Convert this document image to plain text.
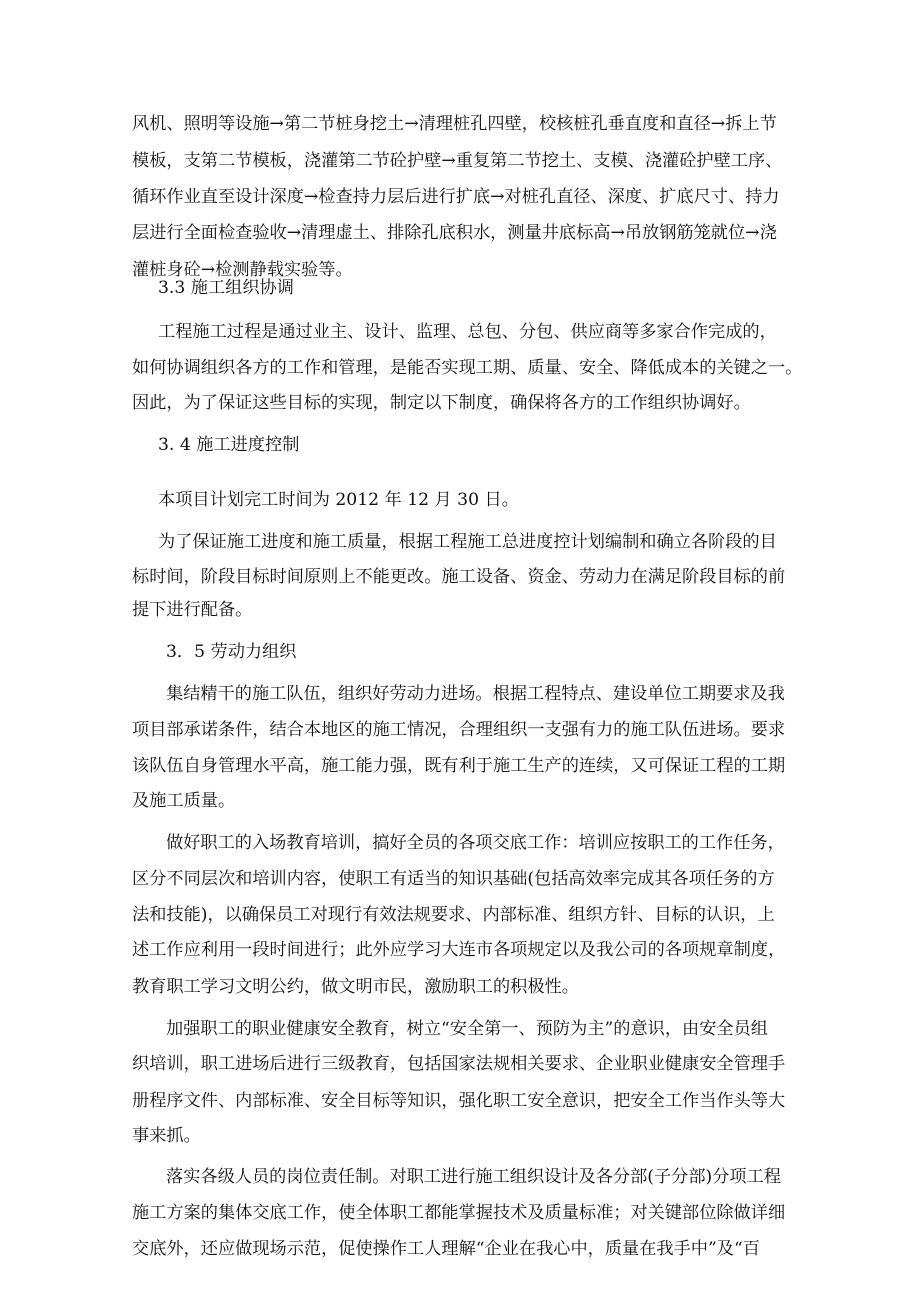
风机、照明等设施→第二节桩身挖土→清理桩孔四壁，校核桩孔垂直度和直径→拆上节
模板，支第二节模板，浇灌第二节砼护壁→重复第二节挖土、支模、浇灌砼护壁工序、
循环作业直至设计深度→检查持力层后进行扩底→对桩孔直径、深度、扩底尺寸、持力
层进行全面检查验收→清理虚土、排除孔底积水，测量井底标高→吊放钢筋笼就位→浇
灌桩身砼→检测静载实验等。
3.3 施工组织协调
工程施工过程是通过业主、设计、监理、总包、分包、供应商等多家合作完成的，
如何协调组织各方的工作和管理，是能否实现工期、质量、安全、降低成本的关键之一。
因此，为了保证这些目标的实现，制定以下制度，确保将各方的工作组织协调好。
3. 4 施工进度控制
本项目计划完工时间为 2012 年 12 月 30 日。
为了保证施工进度和施工质量，根据工程施工总进度控计划编制和确立各阶段的目
标时间，阶段目标时间原则上不能更改。施工设备、资金、劳动力在满足阶段目标的前
提下进行配备。
3．5 劳动力组织
集结精干的施工队伍，组织好劳动力进场。根据工程特点、建设单位工期要求及我
项目部承诺条件，结合本地区的施工情况，合理组织一支强有力的施工队伍进场。要求
该队伍自身管理水平高，施工能力强，既有利于施工生产的连续，又可保证工程的工期
及施工质量。
做好职工的入场教育培训，搞好全员的各项交底工作：培训应按职工的工作任务，
区分不同层次和培训内容，使职工有适当的知识基础(包括高效率完成其各项任务的方
法和技能)，以确保员工对现行有效法规要求、内部标准、组织方针、目标的认识，上
述工作应利用一段时间进行；此外应学习大连市各项规定以及我公司的各项规章制度，
教育职工学习文明公约，做文明市民，激励职工的积极性。
加强职工的职业健康安全教育，树立“安全第一、预防为主”的意识，由安全员组
织培训，职工进场后进行三级教育，包括国家法规相关要求、企业职业健康安全管理手
册程序文件、内部标准、安全目标等知识，强化职工安全意识，把安全工作当作头等大
事来抓。
落实各级人员的岗位责任制。对职工进行施工组织设计及各分部(子分部)分项工程
施工方案的集体交底工作，使全体职工都能掌握技术及质量标准；对关键部位除做详细
交底外，还应做现场示范，促使操作工人理解“企业在我心中，质量在我手中”及“百
